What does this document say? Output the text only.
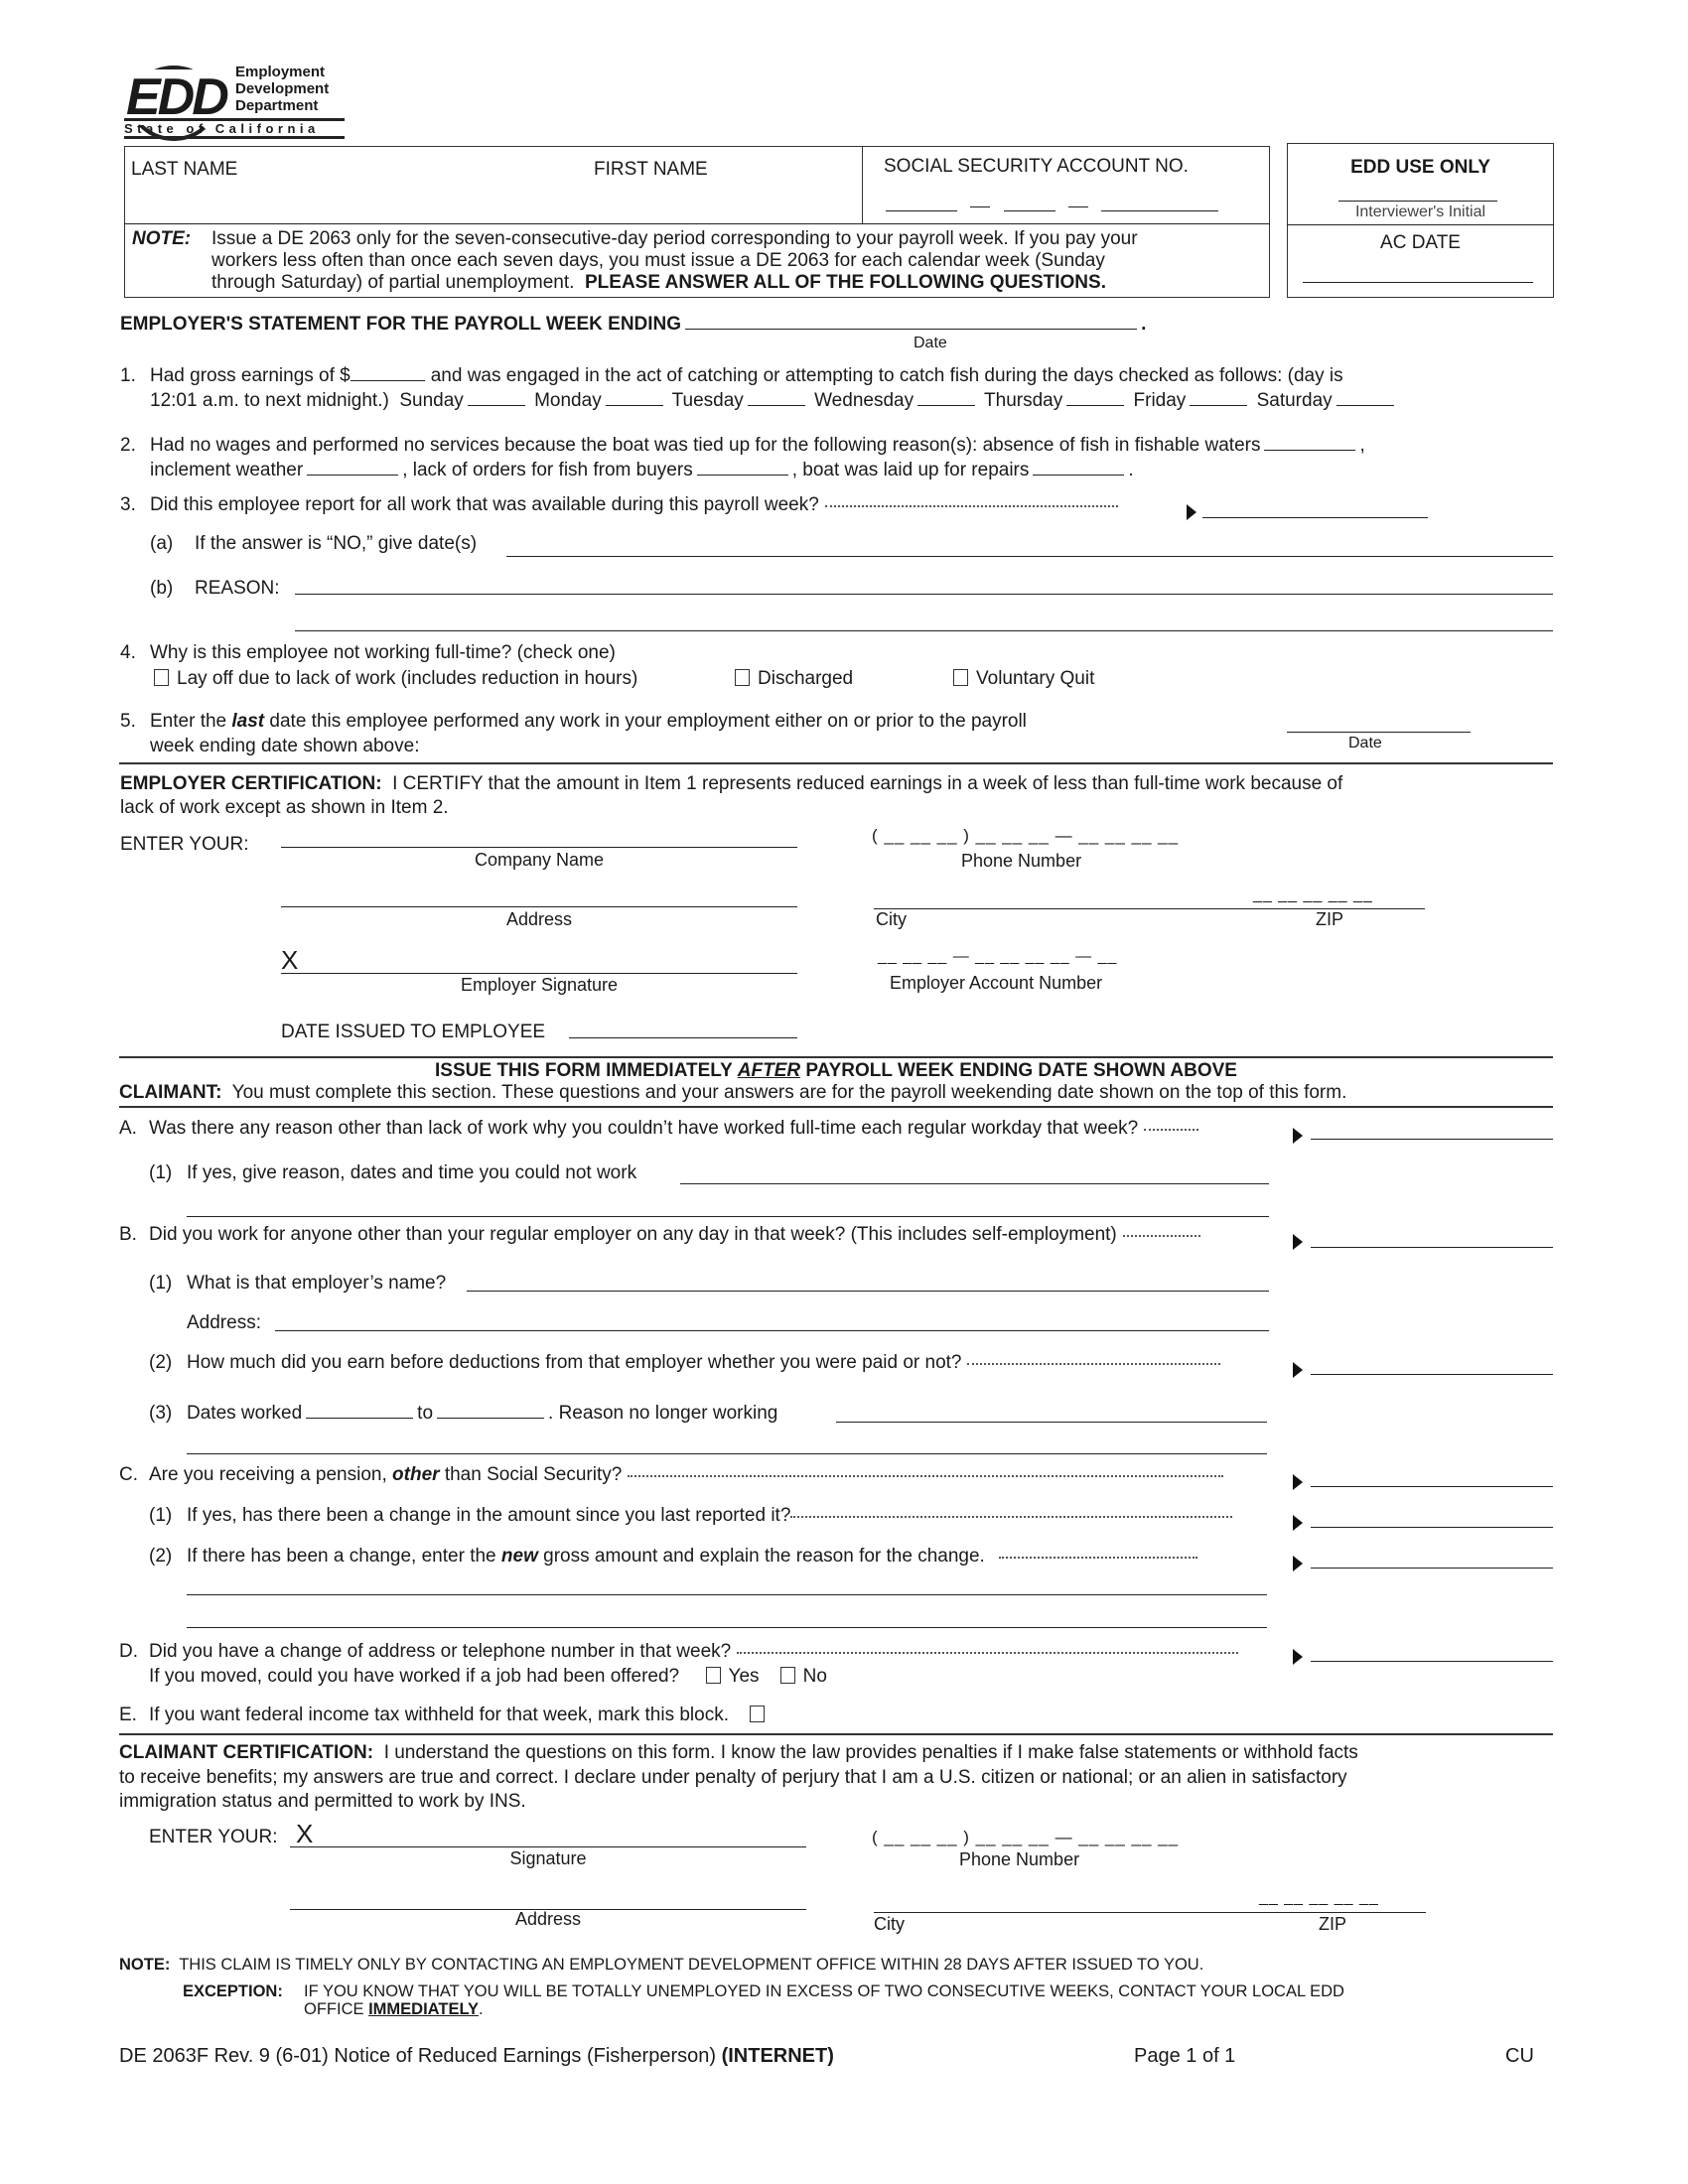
EDD Employment
Development
Department
State of California
LAST NAME	FIRST NAME	SOCIAL SECURITY ACCOUNT NO.

NOTE: Issue a DE 2063 only for the seven-consecutive-day period corresponding to your payroll week. If you pay your
workers less often than once each seven days, you must issue a DE 2063 for each calendar week (Sunday
through Saturday) of partial unemployment. PLEASE ANSWER ALL OF THE FOLLOWING QUESTIONS.
EDD USE ONLY
Interviewer's Initial
AC DATE
EMPLOYER'S STATEMENT FOR THE PAYROLL WEEK ENDING	.
Date
1. Had gross earnings of $	and was engaged in the act of catching or attempting to catch fish during the days checked as follows: (day is
12:01 a.m. to next midnight.) Sunday	Monday	Tuesday	Wednesday	Thursday	Friday	Saturday
2. Had no wages and performed no services because the boat was tied up for the following reason(s): absence of fish in fishable waters	,
inclement weather	, lack of orders for fish from buyers	, boat was laid up for repairs	.
3. Did this employee report for all work that was available during this payroll week?
(a) If the answer is “NO,” give date(s)
(b) REASON:
4. Why is this employee not working full-time? (check one)
Lay off due to lack of work (includes reduction in hours)	Discharged	Voluntary Quit
5. Enter the last date this employee performed any work in your employment either on or prior to the payroll
week ending date shown above:	Date
EMPLOYER CERTIFICATION: I CERTIFY that the amount in Item 1 represents reduced earnings in a week of less than full-time work because of
lack of work except as shown in Item 2.
ENTER YOUR:
Company Name
( __ __ __ ) __ __ __ — __ __ __ __
Phone Number
Address	City
__ __ __ __ __
ZIP
X
Employer Signature
__ __ __ — __ __ __ __ — __
Employer Account Number
DATE ISSUED TO EMPLOYEE
ISSUE THIS FORM IMMEDIATELY AFTER PAYROLL WEEK ENDING DATE SHOWN ABOVE
CLAIMANT: You must complete this section. These questions and your answers are for the payroll weekending date shown on the top of this form.
A. Was there any reason other than lack of work why you couldn’t have worked full-time each regular workday that week?
(1) If yes, give reason, dates and time you could not work
B. Did you work for anyone other than your regular employer on any day in that week? (This includes self-employment)
(1) What is that employer’s name?
Address:
(2) How much did you earn before deductions from that employer whether you were paid or not?
(3) Dates worked	to	. Reason no longer working
C. Are you receiving a pension, other than Social Security?
(1) If yes, has there been a change in the amount since you last reported it?
(2) If there has been a change, enter the new gross amount and explain the reason for the change.
D. Did you have a change of address or telephone number in that week?
If you moved, could you have worked if a job had been offered?	Yes No
E. If you want federal income tax withheld for that week, mark this block.
CLAIMANT CERTIFICATION: I understand the questions on this form. I know the law provides penalties if I make false statements or withhold facts
to receive benefits; my answers are true and correct. I declare under penalty of perjury that I am a U.S. citizen or national; or an alien in satisfactory
immigration status and permitted to work by INS.
ENTER YOUR: X
Signature
( __ __ __ ) __ __ __ — __ __ __ __
Phone Number
Address	City
__ __ __ __ __
ZIP
NOTE: THIS CLAIM IS TIMELY ONLY BY CONTACTING AN EMPLOYMENT DEVELOPMENT OFFICE WITHIN 28 DAYS AFTER ISSUED TO YOU.
EXCEPTION: IF YOU KNOW THAT YOU WILL BE TOTALLY UNEMPLOYED IN EXCESS OF TWO CONSECUTIVE WEEKS, CONTACT YOUR LOCAL EDD
OFFICE IMMEDIATELY.
DE 2063F Rev. 9 (6-01) Notice of Reduced Earnings (Fisherperson) (INTERNET)	Page 1 of 1	CU
